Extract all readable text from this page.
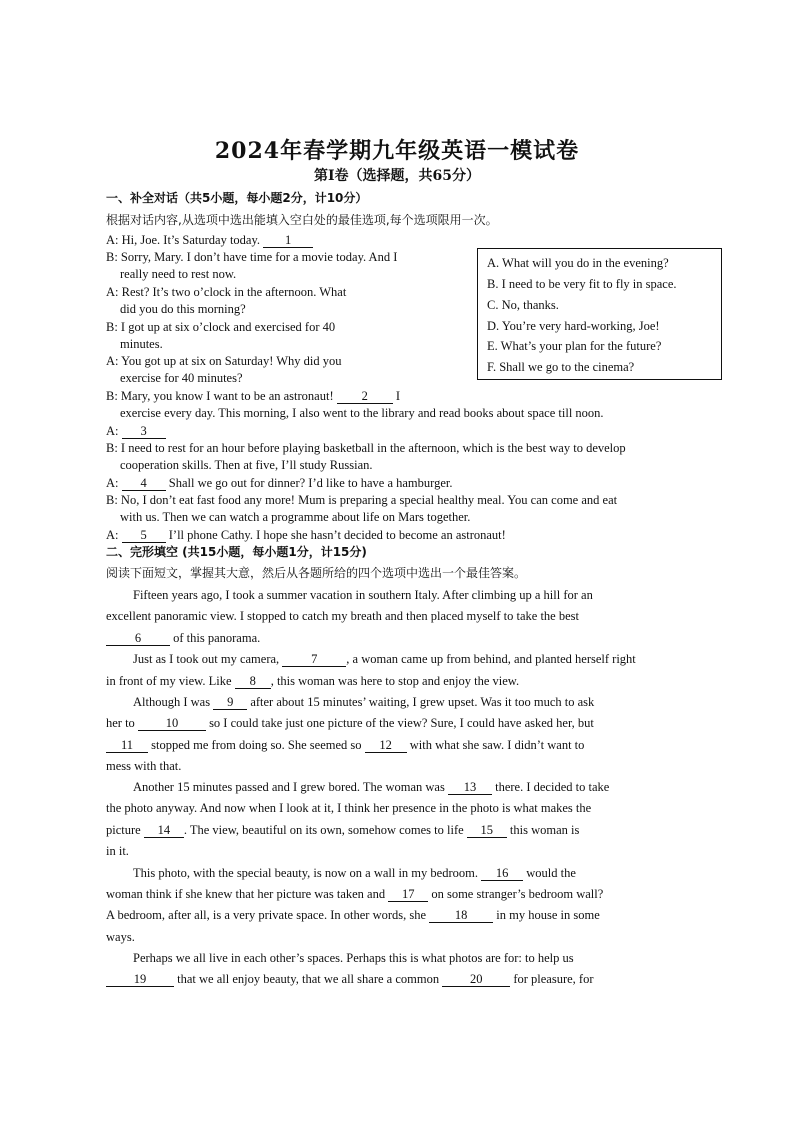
2024年春学期九年级英语一模试卷
第Ⅰ卷（选择题，共65分）
一、补全对话（共5小题，每小题2分，计10分）
根据对话内容,从选项中选出能填入空白处的最佳选项,每个选项限用一次。
A: Hi, Joe. It’s Saturday today. 1
B: Sorry, Mary. I don’t have time for a movie today. And I
really need to rest now.
A: Rest? It’s two o’clock in the afternoon. What
did you do this morning?
B: I got up at six o’clock and exercised for 40
minutes.
A: You got up at six on Saturday! Why did you
exercise for 40 minutes?
B: Mary, you know I want to be an astronaut! 2 I
exercise every day. This morning, I also went to the library and read books about space till noon.
A: 3
B: I need to rest for an hour before playing basketball in the afternoon, which is the best way to develop
cooperation skills. Then at five, I’ll study Russian.
A: 4 Shall we go out for dinner? I’d like to have a hamburger.
B: No, I don’t eat fast food any more! Mum is preparing a special healthy meal. You can come and eat
with us. Then we can watch a programme about life on Mars together.
A: 5 I’ll phone Cathy. I hope she hasn’t decided to become an astronaut!
A. What will you do in the evening?
B. I need to be very fit to fly in space.
C. No, thanks.
D. You’re very hard-working, Joe!
E. What’s your plan for the future?
F. Shall we go to the cinema?
二、完形填空 (共15小题，每小题1分，计15分)
阅读下面短文，掌握其大意，然后从各题所给的四个选项中选出一个最佳答案。
Fifteen years ago, I took a summer vacation in southern Italy. After climbing up a hill for an
excellent panoramic view. I stopped to catch my breath and then placed myself to take the best
6 of this panorama.
Just as I took out my camera, 7 , a woman came up from behind, and planted herself right
in front of my view. Like 8 , this woman was here to stop and enjoy the view.
Although I was 9 after about 15 minutes’ waiting, I grew upset. Was it too much to ask
her to 10 so I could take just one picture of the view? Sure, I could have asked her, but
11 stopped me from doing so. She seemed so 12 with what she saw. I didn’t want to
mess with that.
Another 15 minutes passed and I grew bored. The woman was 13 there. I decided to take
the photo anyway. And now when I look at it, I think her presence in the photo is what makes the
picture 14 . The view, beautiful on its own, somehow comes to life 15 this woman is
in it.
This photo, with the special beauty, is now on a wall in my bedroom. 16 would the
woman think if she knew that her picture was taken and 17 on some stranger’s bedroom wall?
A bedroom, after all, is a very private space. In other words, she 18 in my house in some
ways.
Perhaps we all live in each other’s spaces. Perhaps this is what photos are for: to help us
19 that we all enjoy beauty, that we all share a common 20 for pleasure, for
